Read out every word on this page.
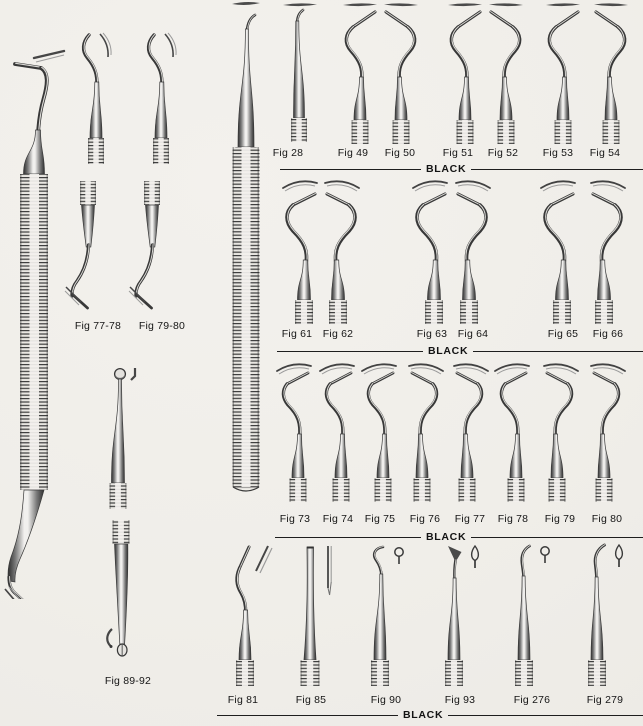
Fig 77-78	Fig 79-80
Fig 89-92
Fig 28	Fig 49	Fig 50	Fig 51	Fig 52	Fig 53	Fig 54
BLACK
Fig 61	Fig 62	Fig 63	Fig 64	Fig 65	Fig 66
BLACK
Fig 73	Fig 74	Fig 75	Fig 76	Fig 77	Fig 78	Fig 79	Fig 80
BLACK
Fig 81	Fig 85	Fig 90	Fig 93	Fig 276	Fig 279
BLACK
